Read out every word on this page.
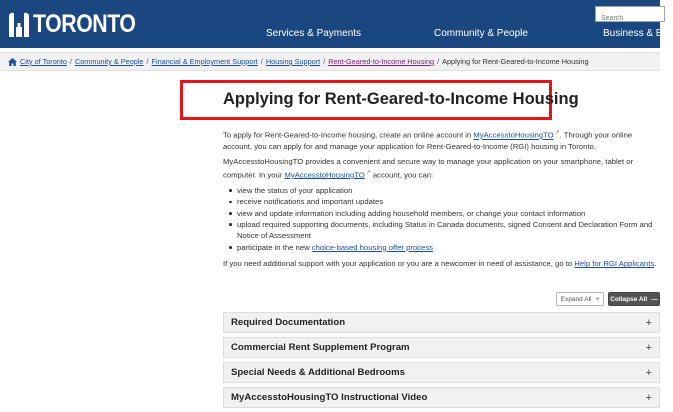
TORONTO	Services & Payments	Community & People	Business & Eco
Search
City of Toronto / Community & People / Financial & Employment Support / Housing Support / Rent-Geared-to-Income Housing / Applying for Rent-Geared-to-Income Housing
Applying for Rent-Geared-to-Income Housing

To apply for Rent-Geared-to-Income housing, create an online account in MyAccesstoHousingTO↗. Through your online account, you can apply for and manage your application for Rent-Geared-to-Income (RGI) housing in Toronto.

MyAccesstoHousingTO provides a convenient and secure way to manage your application on your smartphone, tablet or computer. In your MyAccesstoHousingTO↗ account, you can:

view the status of your application
receive notifications and important updates
view and update information including adding household members, or change your contact information
upload required supporting documents, including Status in Canada documents, signed Consent and Declaration Form and Notice of Assessment
participate in the new choice-based housing offer process

If you need additional support with your application or you are a newcomer in need of assistance, go to Help for RGI Applicants.

Expand All + Collapse All —
Required Documentation	+
Commercial Rent Supplement Program	+
Special Needs & Additional Bedrooms	+
MyAccesstoHousingTO Instructional Video	+
